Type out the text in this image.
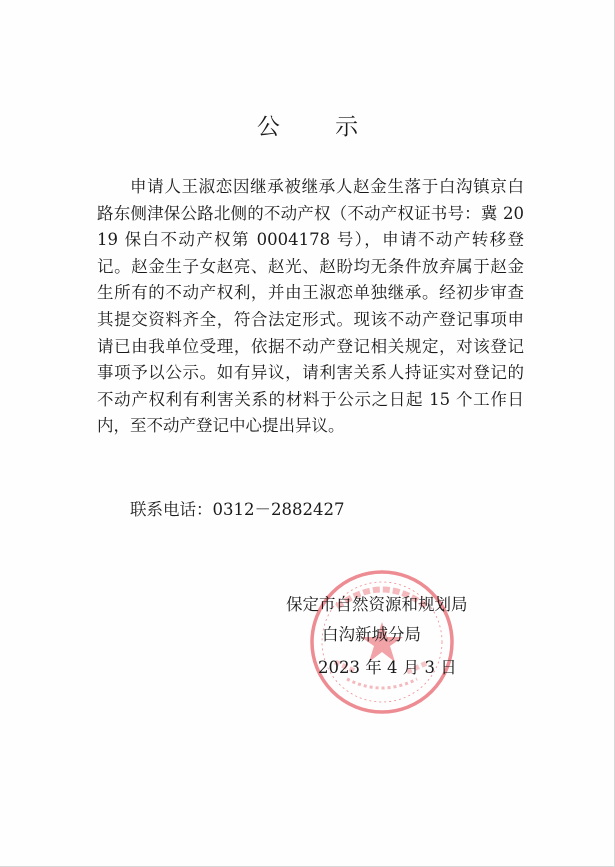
公 示

申请人王淑恋因继承被继承人赵金生落于白沟镇京白路东侧津保公路北侧的不动产权（不动产权证书号：冀 2019 保白不动产权第 0004178 号），申请不动产转移登记。赵金生子女赵亮、赵光、赵盼均无条件放弃属于赵金生所有的不动产权利，并由王淑恋单独继承。经初步审查其提交资料齐全，符合法定形式。现该不动产登记事项申请已由我单位受理，依据不动产登记相关规定，对该登记事项予以公示。如有异议，请利害关系人持证实对登记的不动产权利有利害关系的材料于公示之日起 15 个工作日内，至不动产登记中心提出异议。

联系电话：0312－2882427

保定市自然资源和规划局

白沟新城分局

2023 年 4 月 3 日
